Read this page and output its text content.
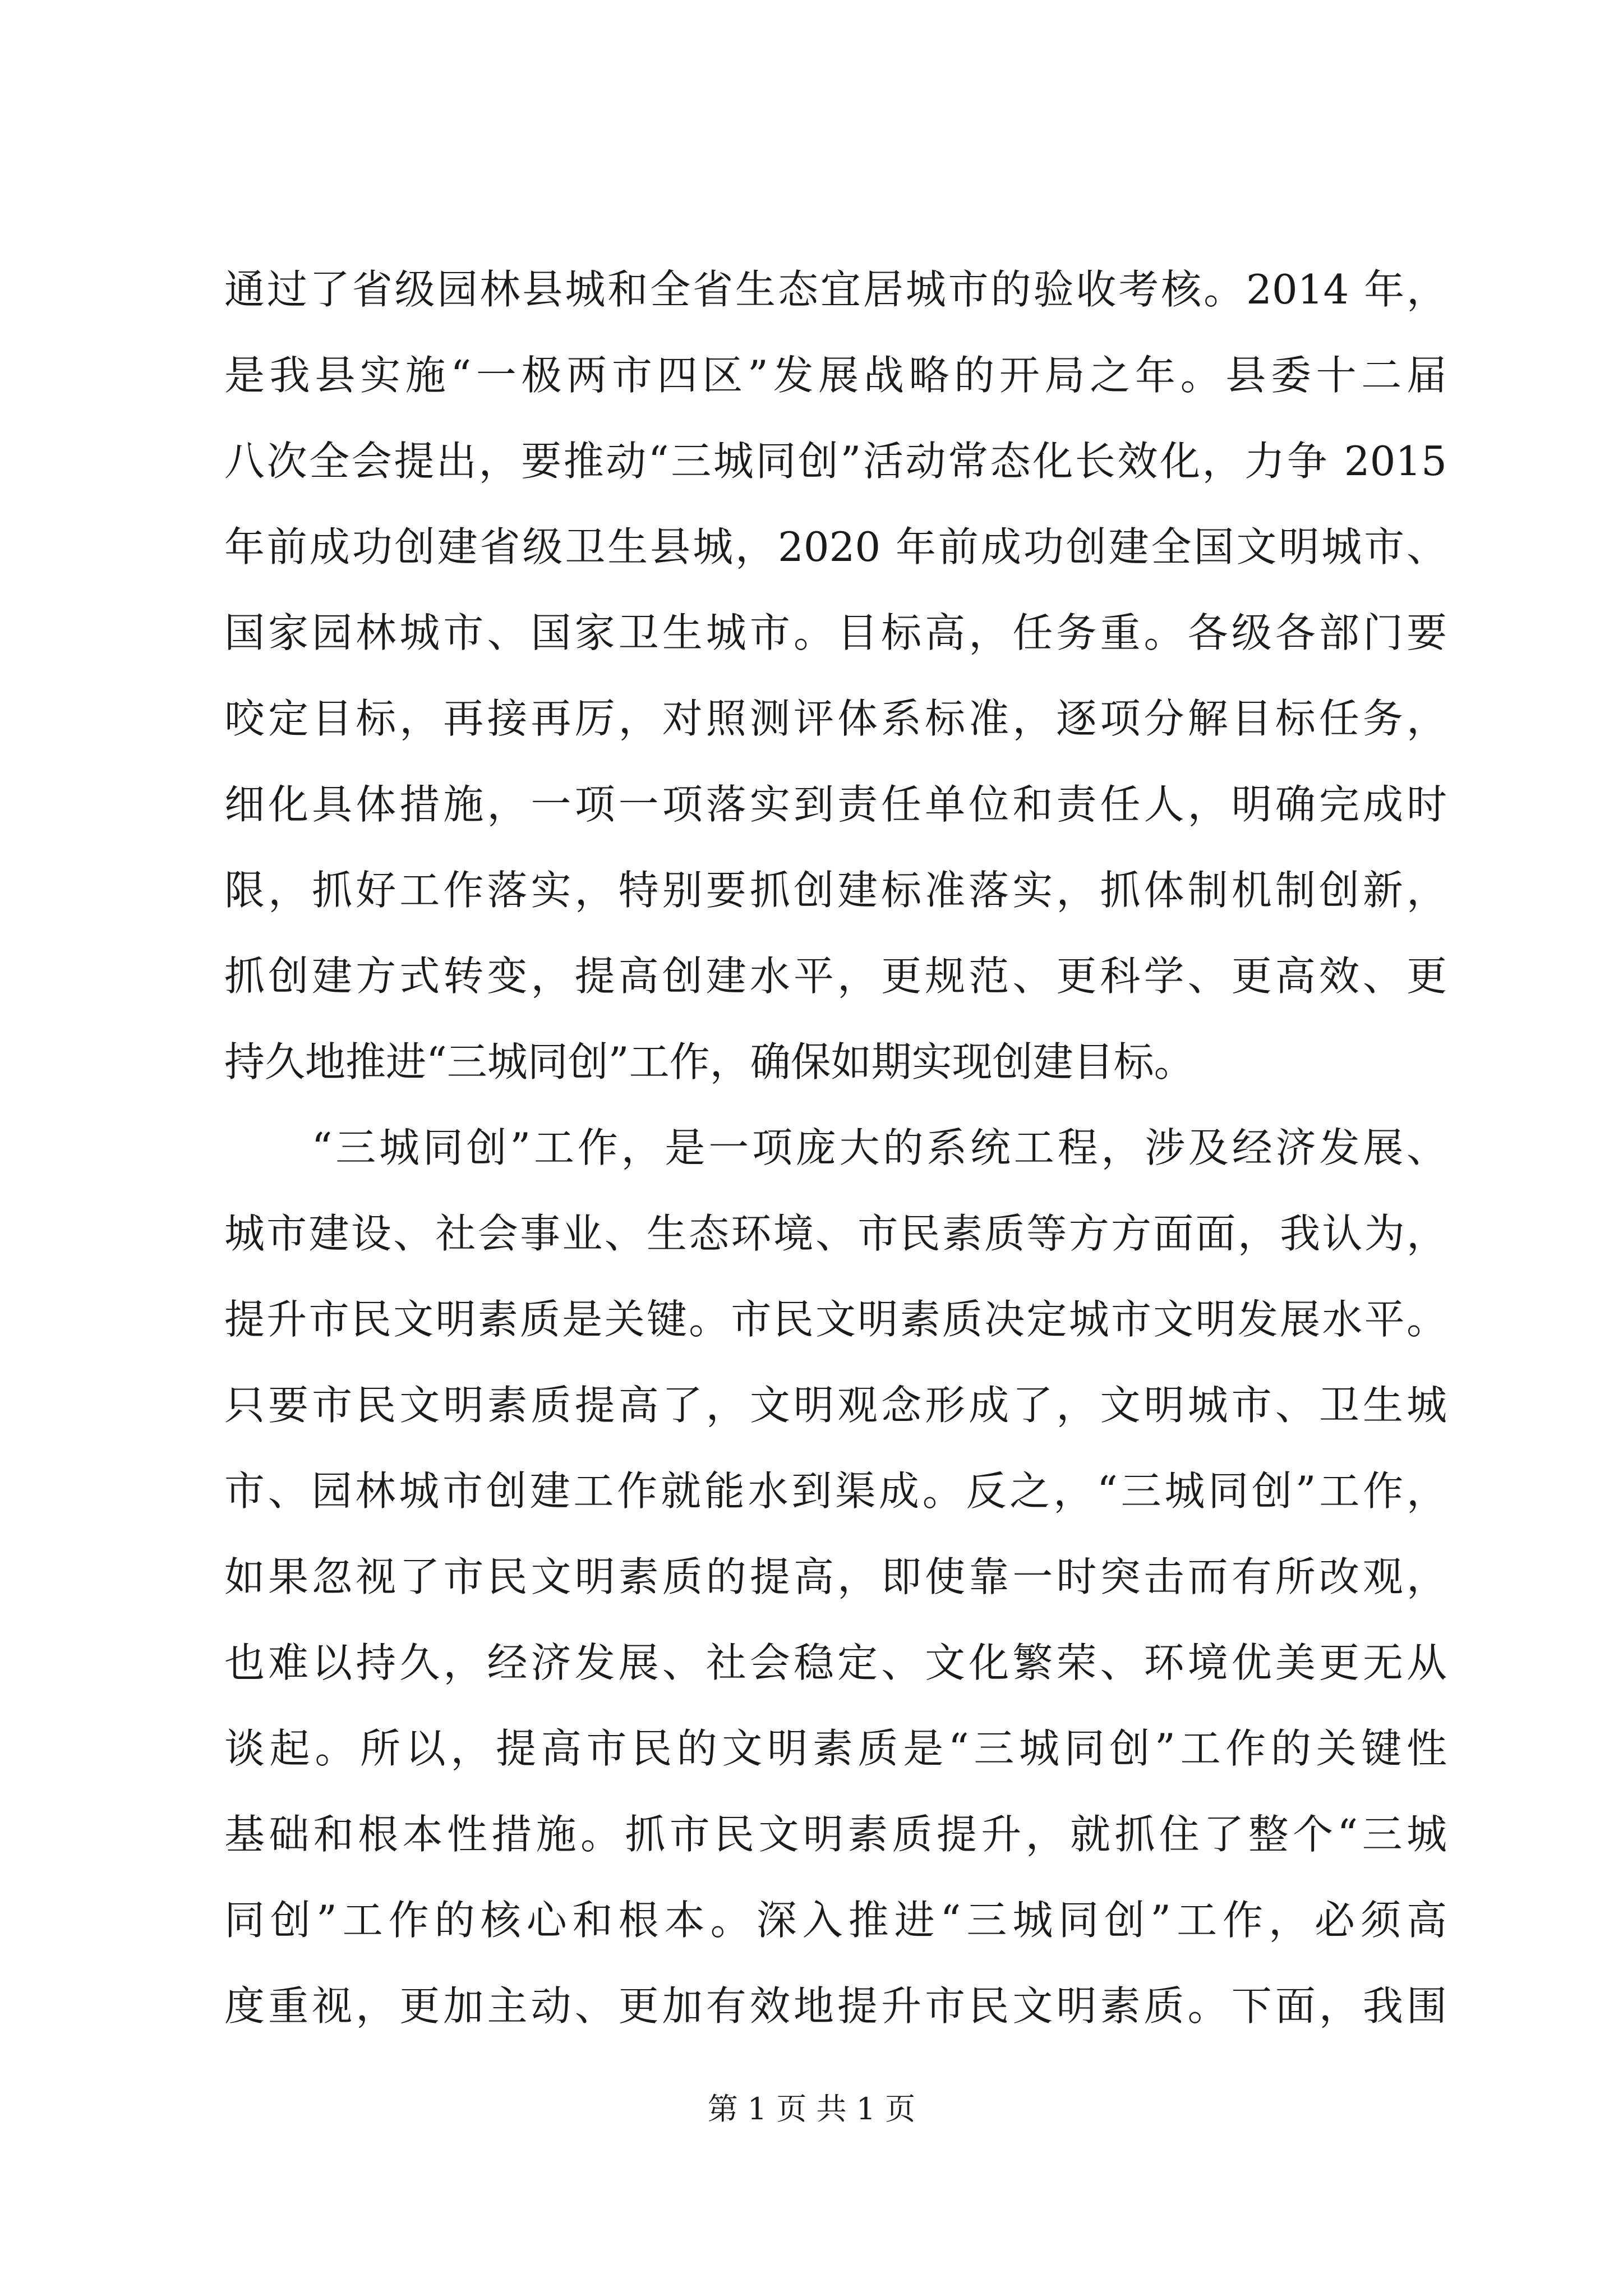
通过了省级园林县城和全省生态宜居城市的验收考核。2014 年，
是我县实施“一极两市四区”发展战略的开局之年。县委十二届
八次全会提出，要推动“三城同创”活动常态化长效化，力争 2015
年前成功创建省级卫生县城，2020 年前成功创建全国文明城市、
国家园林城市、国家卫生城市。目标高，任务重。各级各部门要
咬定目标，再接再厉，对照测评体系标准，逐项分解目标任务，
细化具体措施，一项一项落实到责任单位和责任人，明确完成时
限，抓好工作落实，特别要抓创建标准落实，抓体制机制创新，
抓创建方式转变，提高创建水平，更规范、更科学、更高效、更
持久地推进“三城同创”工作，确保如期实现创建目标。
　　“三城同创”工作，是一项庞大的系统工程，涉及经济发展、
城市建设、社会事业、生态环境、市民素质等方方面面，我认为，
提升市民文明素质是关键。市民文明素质决定城市文明发展水平。
只要市民文明素质提高了，文明观念形成了，文明城市、卫生城
市、园林城市创建工作就能水到渠成。反之，“三城同创”工作，
如果忽视了市民文明素质的提高，即使靠一时突击而有所改观，
也难以持久，经济发展、社会稳定、文化繁荣、环境优美更无从
谈起。所以，提高市民的文明素质是“三城同创”工作的关键性
基础和根本性措施。抓市民文明素质提升，就抓住了整个“三城
同创”工作的核心和根本。深入推进“三城同创”工作，必须高
度重视，更加主动、更加有效地提升市民文明素质。下面，我围
第 1 页 共 1 页
